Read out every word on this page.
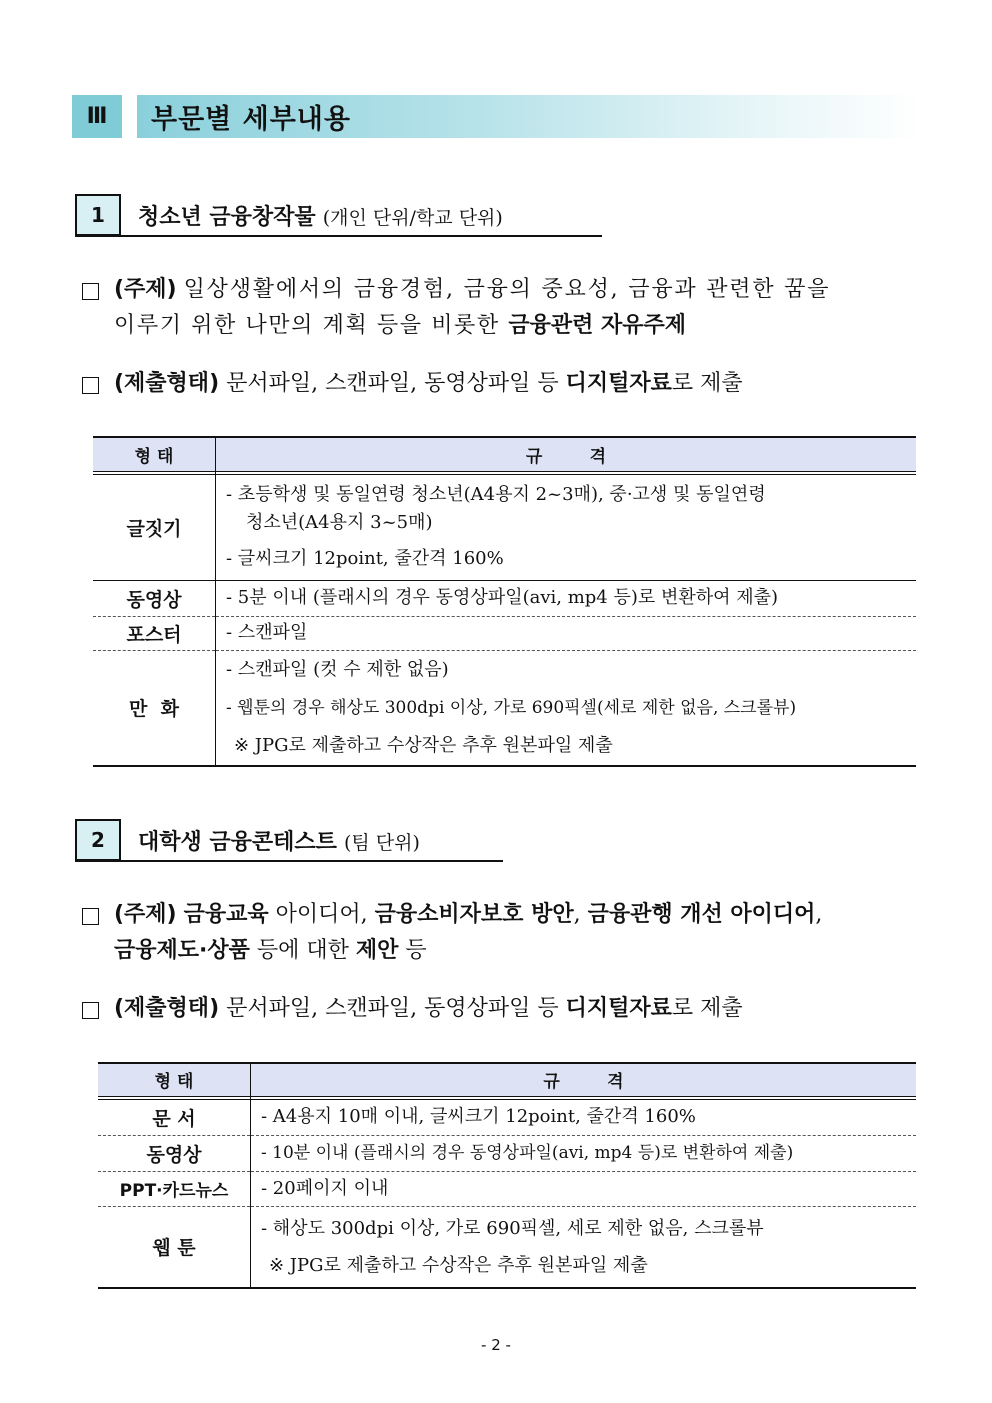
Ⅲ	부문별 세부내용
1	청소년 금융창작물 (개인 단위/학교 단위)
(주제) 일상생활에서의 금융경험, 금융의 중요성, 금융과 관련한 꿈을
이루기 위한 나만의 계획 등을 비롯한 금융관련 자유주제
(제출형태) 문서파일, 스캔파일, 동영상파일 등 디지털자료로 제출
형 태	규        격

글짓기	- 초등학생 및 동일연령 청소년(A4용지 2~3매), 중·고생 및 동일연령
청소년(A4용지 3~5매)
- 글씨크기 12point, 줄간격 160%

동영상	- 5분 이내 (플래시의 경우 동영상파일(avi, mp4 등)로 변환하여 제출)

포스터	- 스캔파일

만  화	- 스캔파일 (컷 수 제한 없음)
- 웹툰의 경우 해상도 300dpi 이상, 가로 690픽셀(세로 제한 없음, 스크롤뷰)
※ JPG로 제출하고 수상작은 추후 원본파일 제출
2	대학생 금융콘테스트 (팀 단위)
(주제) 금융교육 아이디어, 금융소비자보호 방안, 금융관행 개선 아이디어,
금융제도·상품 등에 대한 제안 등
(제출형태) 문서파일, 스캔파일, 동영상파일 등 디지털자료로 제출
형 태	규        격

문 서	- A4용지 10매 이내, 글씨크기 12point, 줄간격 160%

동영상	- 10분 이내 (플래시의 경우 동영상파일(avi, mp4 등)로 변환하여 제출)

PPT·카드뉴스	- 20페이지 이내

웹 툰	- 해상도 300dpi 이상, 가로 690픽셀, 세로 제한 없음, 스크롤뷰
※ JPG로 제출하고 수상작은 추후 원본파일 제출
- 2 -
